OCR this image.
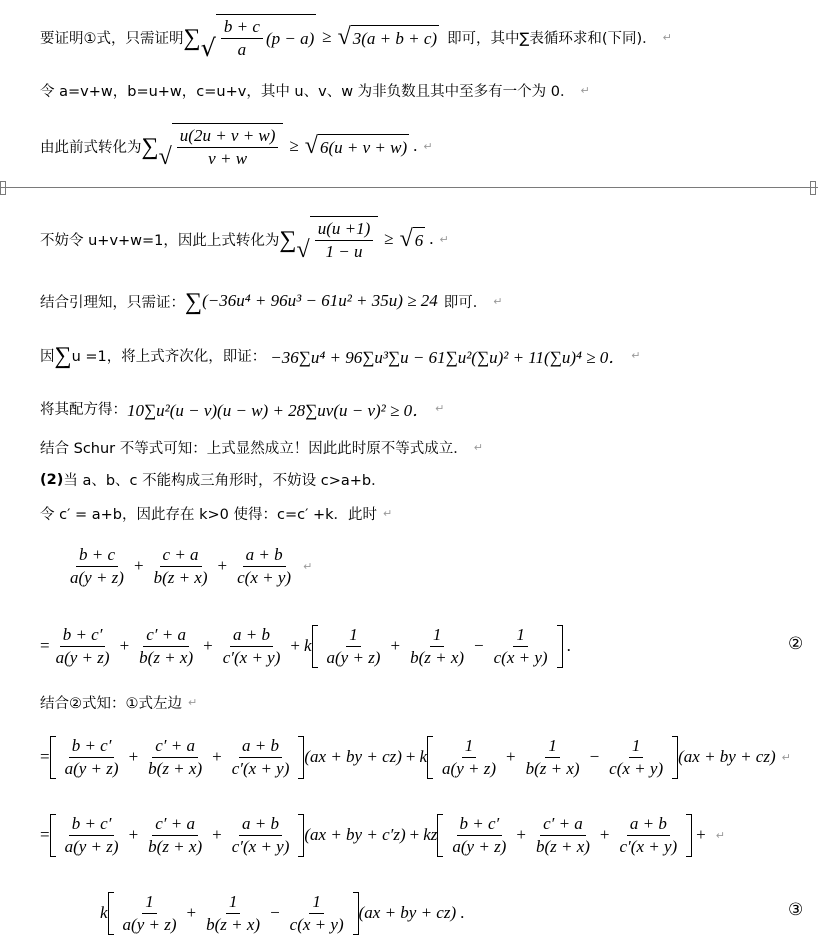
要证明①式，只需证明 ∑ √ $\frac{b + c}{a} (p - a)$ ≥ √ 3(a + b + c) 即可，其中∑表循环求和(下同)． ↵
令 a=v+w，b=u+w，c=u+v，其中 u、v、w 为非负数且其中至多有一个为 0． ↵
由此前式转化为 ∑ √ $\frac{u(2u + v + w)}{v + w}$ ≥ √ 6(u + v + w) . ↵
不妨令 u+v+w=1，因此上式转化为 ∑ √ $\frac{u(u +1)}{1 - u}$ ≥ √ 6 . ↵
结合引理知，只需证： ∑ (−36u⁴ + 96u³ − 61u² + 35u) ≥ 24 即可． ↵
因 ∑ u =1，将上式齐次化，即证： −36∑u⁴ + 96∑u³∑u − 61∑u²(∑u)² + 11(∑u)⁴ ≥ 0． ↵
将其配方得： 10∑u²(u − v)(u − w) + 28∑uv(u − v)² ≥ 0． ↵
结合 Schur 不等式可知：上式显然成立！因此此时原不等式成立． ↵
(2) 当 a、b、c 不能构成三角形时，不妨设 c>a+b．
令 c′ = a+b，因此存在 k>0 使得：c=c′ +k．此时 ↵
$\frac{b + c}{a(y + z)} + \frac{c + a}{b(z + x)} + \frac{a + b}{c(x + y)}$ ↵
= $\frac{b + c'}{a(y + z)} + \frac{c' + a}{b(z + x)} + \frac{a + b}{c'(x + y)} + k \frac{1}{a(y + z)} + \frac{1}{b(z + x)} - \frac{1}{c(x + y)}$ .	②
结合②式知：①式左边 ↵
= $\frac{b + c'}{a(y + z)} + \frac{c' + a}{b(z + x)} + \frac{a + b}{c'(x + y)} (ax$ + by + cz) + k $\frac{1}{a(y + z)} + \frac{1}{b(z + x)} - \frac{1}{c(x + y)} (ax$ + by + cz) ↵
= $\frac{b + c'}{a(y + z)} + \frac{c' + a}{b(z + x)} + \frac{a + b}{c'(x + y)} (ax$ + by + c′z) + kz $\frac{b + c'}{a(y + z)} + \frac{c' + a}{b(z + x)} + \frac{a + b}{c'(x + y)}$ + ↵
k $\frac{1}{a(y + z)} + \frac{1}{b(z + x)} - \frac{1}{c(x + y)} (ax$ + by + cz) .	③
